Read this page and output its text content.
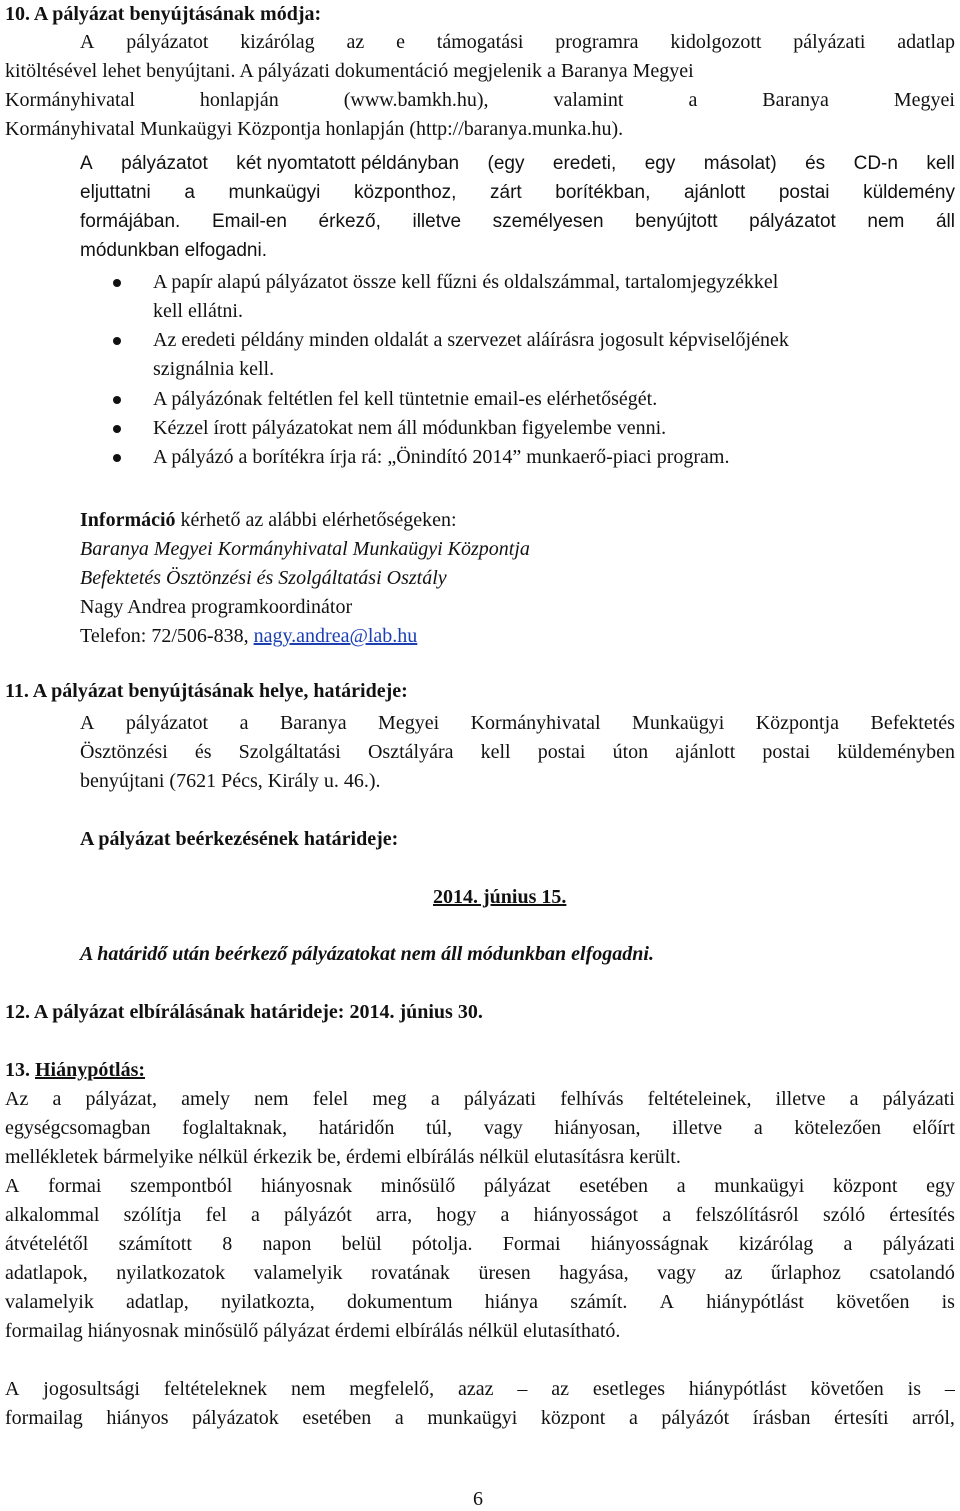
10. A pályázat benyújtásának módja:
A pályázatot kizárólag az e támogatási programra kidolgozott pályázati adatlap
kitöltésével lehet benyújtani. A pályázati dokumentáció megjelenik a Baranya Megyei
Kormányhivatal	honlapján	(www.bamkh.hu),	valamint	a	Baranya	Megyei
Kormányhivatal Munkaügyi Központja honlapján (http://baranya.munka.hu).
A pályázatot két nyomtatott példányban (egy eredeti, egy másolat) és CD-n kell
eljuttatni a munkaügyi központhoz, zárt borítékban, ajánlott postai küldemény
formájában. Email-en érkező, illetve személyesen benyújtott pályázatot nem áll
módunkban elfogadni.
A papír alapú pályázatot össze kell fűzni és oldalszámmal, tartalomjegyzékkel
kell ellátni.
Az eredeti példány minden oldalát a szervezet aláírásra jogosult képviselőjének
szignálnia kell.
A pályázónak feltétlen fel kell tüntetnie email-es elérhetőségét.
Kézzel írott pályázatokat nem áll módunkban figyelembe venni.
A pályázó a borítékra írja rá: „Önindító 2014” munkaerő-piaci program.
Információ kérhető az alábbi elérhetőségeken:
Baranya Megyei Kormányhivatal Munkaügyi Központja
Befektetés Ösztönzési és Szolgáltatási Osztály
Nagy Andrea programkoordinátor
Telefon: 72/506-838, nagy.andrea@lab.hu
11. A pályázat benyújtásának helye, határideje:
A pályázatot a Baranya Megyei Kormányhivatal Munkaügyi Központja Befektetés
Ösztönzési és Szolgáltatási Osztályára kell postai úton ajánlott postai küldeményben
benyújtani (7621 Pécs, Király u. 46.).
A pályázat beérkezésének határideje:
2014. június 15.
A határidő után beérkező pályázatokat nem áll módunkban elfogadni.
12. A pályázat elbírálásának határideje: 2014. június 30.
13. Hiánypótlás:
Az a pályázat, amely nem felel meg a pályázati felhívás feltételeinek, illetve a pályázati
egységcsomagban foglaltaknak, határidőn túl, vagy hiányosan, illetve a kötelezően előírt
mellékletek bármelyike nélkül érkezik be, érdemi elbírálás nélkül elutasításra került.
A formai szempontból hiányosnak minősülő pályázat esetében a munkaügyi központ egy
alkalommal szólítja fel a pályázót arra, hogy a hiányosságot a felszólításról szóló értesítés
átvételétől számított 8 napon belül pótolja. Formai hiányosságnak kizárólag a pályázati
adatlapok, nyilatkozatok valamelyik rovatának üresen hagyása, vagy az űrlaphoz csatolandó
valamelyik adatlap, nyilatkozta, dokumentum hiánya számít. A hiánypótlást követően is
formailag hiányosnak minősülő pályázat érdemi elbírálás nélkül elutasítható.
A jogosultsági feltételeknek nem megfelelő, azaz – az esetleges hiánypótlást követően is –
formailag hiányos pályázatok esetében a munkaügyi központ a pályázót írásban értesíti arról,
6
